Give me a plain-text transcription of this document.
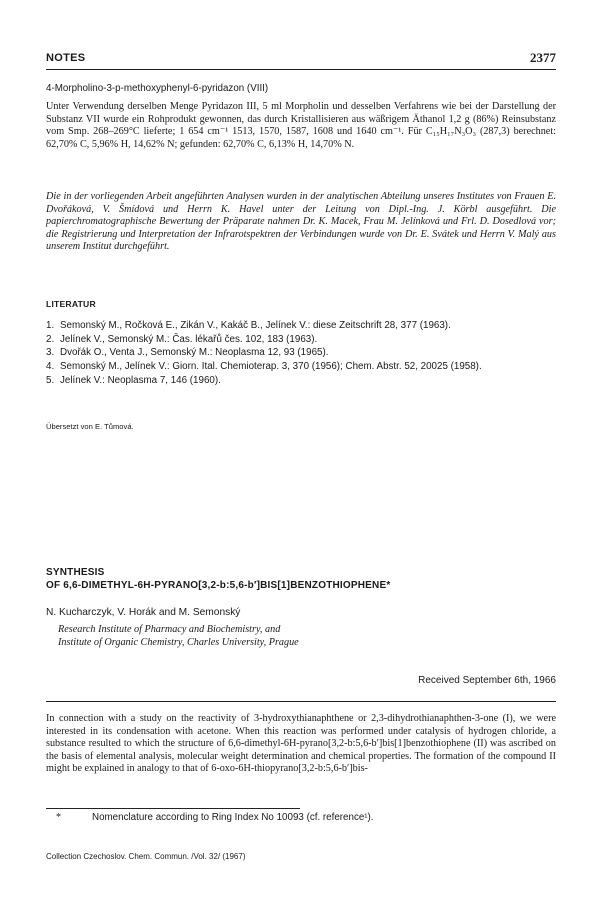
NOTES	2377
4-Morpholino-3-p-methoxyphenyl-6-pyridazon (VIII)
Unter Verwendung derselben Menge Pyridazon III, 5 ml Morpholin und desselben Verfahrens wie bei der Darstellung der Substanz VII wurde ein Rohprodukt gewonnen, das durch Kristallisieren aus wäßrigem Äthanol 1,2 g (86%) Reinsubstanz vom Smp. 268–269°C lieferte; 1 654 cm⁻¹ 1513, 1570, 1587, 1608 und 1640 cm⁻¹. Für C₁₅H₁₇N₃O₃ (287,3) berechnet: 62,70% C, 5,96% H, 14,62% N; gefunden: 62,70% C, 6,13% H, 14,70% N.
Die in der vorliegenden Arbeit angeführten Analysen wurden in der analytischen Abteilung unseres Institutes von Frauen E. Dvořáková, V. Šmídová und Herrn K. Havel unter der Leitung von Dipl.-Ing. J. Körbl ausgeführt. Die papierchromatographische Bewertung der Präparate nahmen Dr. K. Macek, Frau M. Jelínková und Frl. D. Dosedlová vor; die Registrierung und Interpretation der Infrarotspektren der Verbindungen wurde von Dr. E. Svátek und Herrn V. Malý aus unserem Institut durchgeführt.
LITERATUR
1. Semonský M., Ročková E., Zikán V., Kakáč B., Jelínek V.: diese Zeitschrift 28, 377 (1963).
2. Jelínek V., Semonský M.: Čas. lékařů čes. 102, 183 (1963).
3. Dvořák O., Venta J., Semonský M.: Neoplasma 12, 93 (1965).
4. Semonský M., Jelínek V.: Giorn. Ital. Chemioterap. 3, 370 (1956); Chem. Abstr. 52, 20025 (1958).
5. Jelínek V.: Neoplasma 7, 146 (1960).
Übersetzt von E. Tůmová.
SYNTHESIS
OF 6,6-DIMETHYL-6H-PYRANO[3,2-b:5,6-b′]BIS[1]BENZOTHIOPHENE*
N. Kucharczyk, V. Horák and M. Semonský
Research Institute of Pharmacy and Biochemistry, and
Institute of Organic Chemistry, Charles University, Prague
Received September 6th, 1966
In connection with a study on the reactivity of 3-hydroxythianaphthene or 2,3-dihydrothianaphthen-3-one (I), we were interested in its condensation with acetone. When this reaction was performed under catalysis of hydrogen chloride, a substance resulted to which the structure of 6,6-dimethyl-6H-pyrano[3,2-b:5,6-b′]bis[1]benzothiophene (II) was ascribed on the basis of elemental analysis, molecular weight determination and chemical properties. The formation of the compound II might be explained in analogy to that of 6-oxo-6H-thiopyrano[3,2-b:5,6-b′]bis-
*	Nomenclature according to Ring Index No 10093 (cf. reference¹).
Collection Czechoslov. Chem. Commun. /Vol. 32/ (1967)
